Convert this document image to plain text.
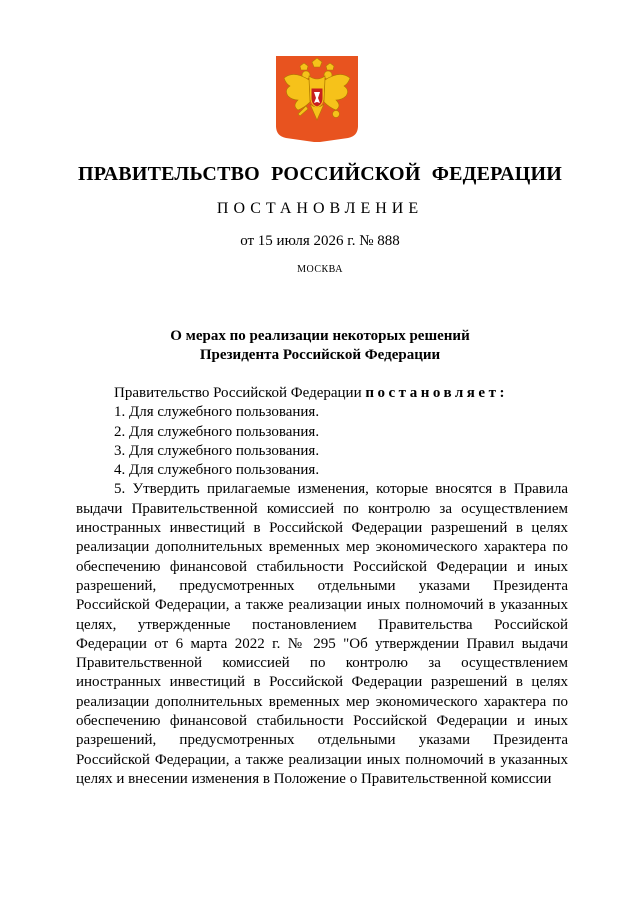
ПРАВИТЕЛЬСТВО РОССИЙСКОЙ ФЕДЕРАЦИИ
ПОСТАНОВЛЕНИЕ
от 15 июля 2026 г. № 888
МОСКВА
О мерах по реализации некоторых решений
Президента Российской Федерации

Правительство Российской Федерации постановляет:

1. Для служебного пользования.

2. Для служебного пользования.

3. Для служебного пользования.

4. Для служебного пользования.

5. Утвердить прилагаемые изменения, которые вносятся в Правила выдачи Правительственной комиссией по контролю за осуществлением иностранных инвестиций в Российской Федерации разрешений в целях реализации дополнительных временных мер экономического характера по обеспечению финансовой стабильности Российской Федерации и иных разрешений, предусмотренных отдельными указами Президента Российской Федерации, а также реализации иных полномочий в указанных целях, утвержденные постановлением Правительства Российской Федерации от 6 марта 2022 г. № 295 "Об утверждении Правил выдачи Правительственной комиссией по контролю за осуществлением иностранных инвестиций в Российской Федерации разрешений в целях реализации дополнительных временных мер экономического характера по обеспечению финансовой стабильности Российской Федерации и иных разрешений, предусмотренных отдельными указами Президента Российской Федерации, а также реализации иных полномочий в указанных целях и внесении изменения в Положение о Правительственной комиссии
